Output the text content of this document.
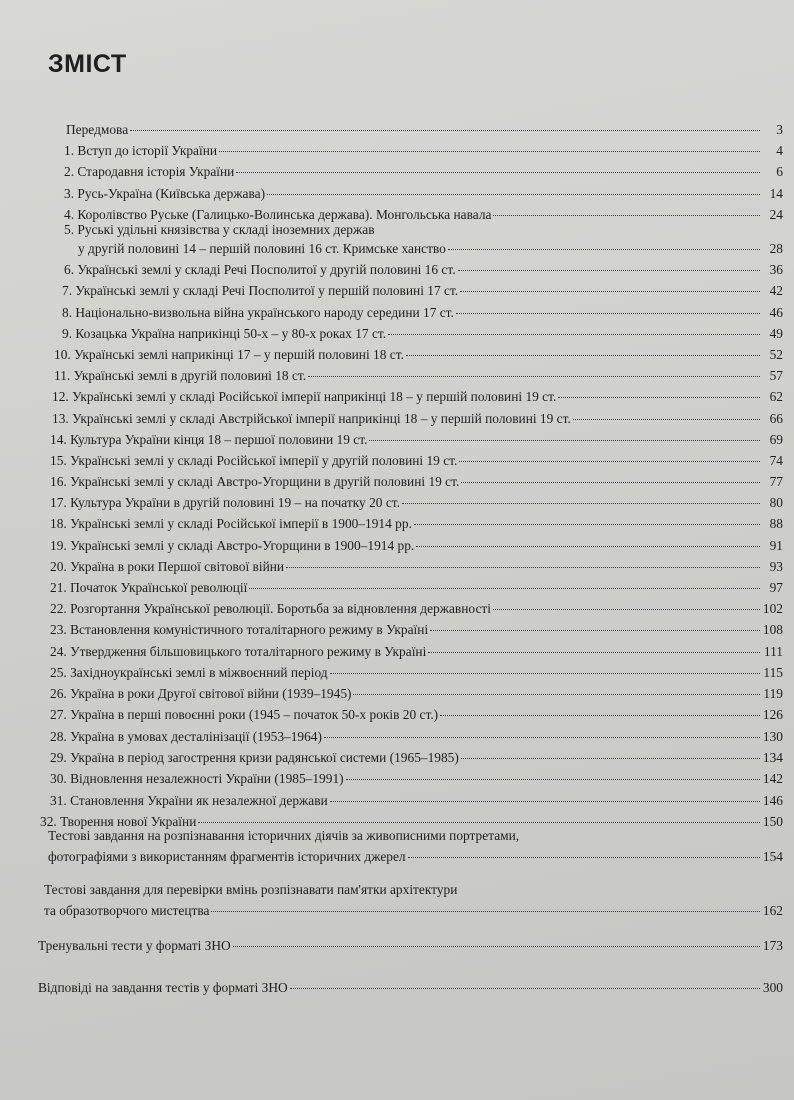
ЗМІСТ
Передмова	3
1. Вступ до історії України	4
2. Стародавня історія України	6
3. Русь-Україна (Київська держава)	14
4. Королівство Руське (Галицько-Волинська держава). Монгольська навала	24
5. Руські удільні князівства у складі іноземних держав
у другій половині 14 – першій половині 16 ст. Кримське ханство	28
6. Українські землі у складі Речі Посполитої у другій половині 16 ст.	36
7. Українські землі у складі Речі Посполитої у першій половині 17 ст.	42
8. Національно-визвольна війна українського народу середини 17 ст.	46
9. Козацька Україна наприкінці 50-х – у 80-х роках 17 ст.	49
10. Українські землі наприкінці 17 – у першій половині 18 ст.	52
11. Українські землі в другій половині 18 ст.	57
12. Українські землі у складі Російської імперії наприкінці 18 – у першій половині 19 ст.	62
13. Українські землі у складі Австрійської імперії наприкінці 18 – у першій половині 19 ст.	66
14. Культура України кінця 18 – першої половини 19 ст.	69
15. Українські землі у складі Російської імперії у другій половині 19 ст.	74
16. Українські землі у складі Австро-Угорщини в другій половині 19 ст.	77
17. Культура України в другій половині 19 – на початку 20 ст.	80
18. Українські землі у складі Російської імперії в 1900–1914 рр.	88
19. Українські землі у складі Австро-Угорщини в 1900–1914 рр.	91
20. Україна в роки Першої світової війни	93
21. Початок Української революції	97
22. Розгортання Української революції. Боротьба за відновлення державності	102
23. Встановлення комуністичного тоталітарного режиму в Україні	108
24. Утвердження більшовицького тоталітарного режиму в Україні	111
25. Західноукраїнські землі в міжвоєнний період	115
26. Україна в роки Другої світової війни (1939–1945)	119
27. Україна в перші повоєнні роки (1945 – початок 50-х років 20 ст.)	126
28. Україна в умовах десталінізації (1953–1964)	130
29. Україна в період загострення кризи радянської системи (1965–1985)	134
30. Відновлення незалежності України (1985–1991)	142
31. Становлення України як незалежної держави	146
32. Творення нової України	150
Тестові завдання на розпізнавання історичних діячів за живописними портретами,
фотографіями з використанням фрагментів історичних джерел	154
Тестові завдання для перевірки вмінь розпізнавати пам'ятки архітектури
та образотворчого мистецтва	162
Тренувальні тести у форматі ЗНО	173
Відповіді на завдання тестів у форматі ЗНО	300
